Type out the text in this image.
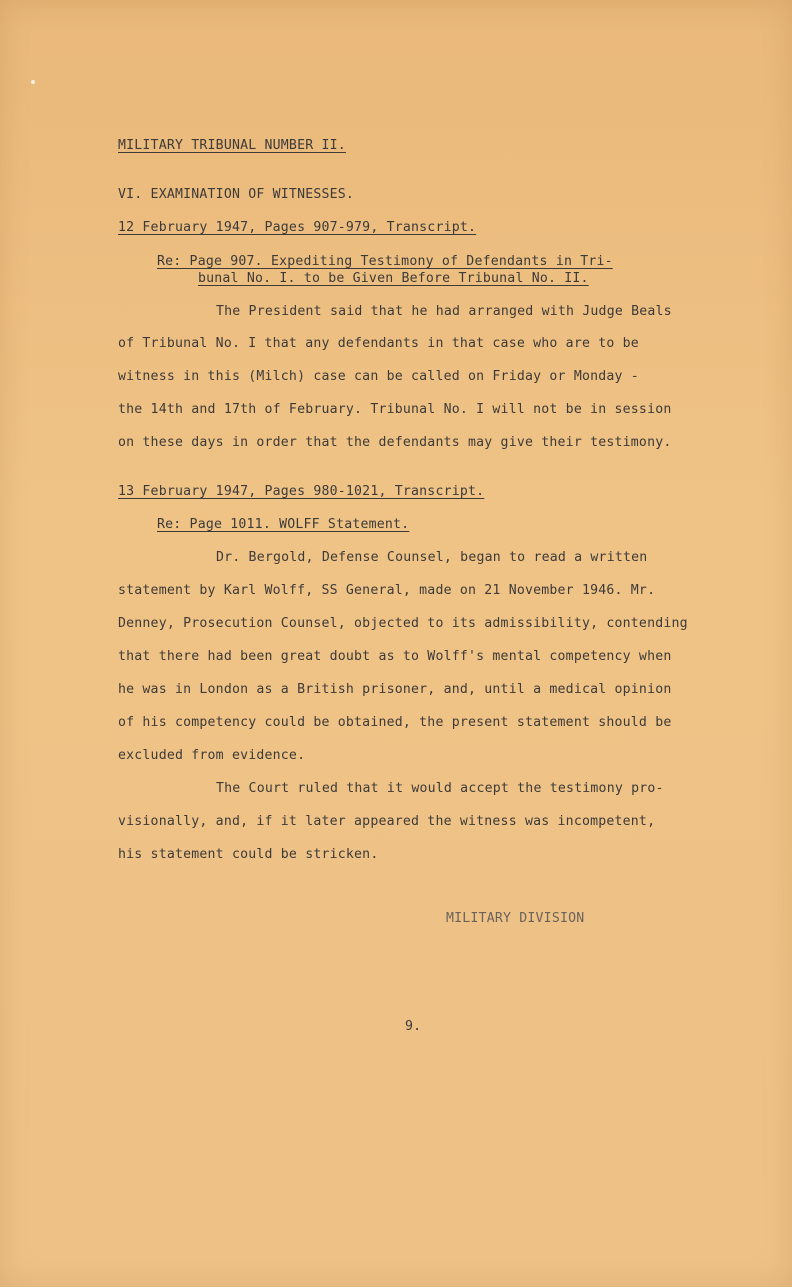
MILITARY TRIBUNAL NUMBER II.
VI. EXAMINATION OF WITNESSES.
12 February 1947, Pages 907-979, Transcript.
Re: Page 907. Expediting Testimony of Defendants in Tri-
bunal No. I. to be Given Before Tribunal No. II.
The President said that he had arranged with Judge Beals
of Tribunal No. I that any defendants in that case who are to be
witness in this (Milch) case can be called on Friday or Monday -
the 14th and 17th of February. Tribunal No. I will not be in session
on these days in order that the defendants may give their testimony.
13 February 1947, Pages 980-1021, Transcript.
Re: Page 1011. WOLFF Statement.
Dr. Bergold, Defense Counsel, began to read a written
statement by Karl Wolff, SS General, made on 21 November 1946. Mr.
Denney, Prosecution Counsel, objected to its admissibility, contending
that there had been great doubt as to Wolff's mental competency when
he was in London as a British prisoner, and, until a medical opinion
of his competency could be obtained, the present statement should be
excluded from evidence.
The Court ruled that it would accept the testimony pro-
visionally, and, if it later appeared the witness was incompetent,
his statement could be stricken.
MILITARY DIVISION
9.
